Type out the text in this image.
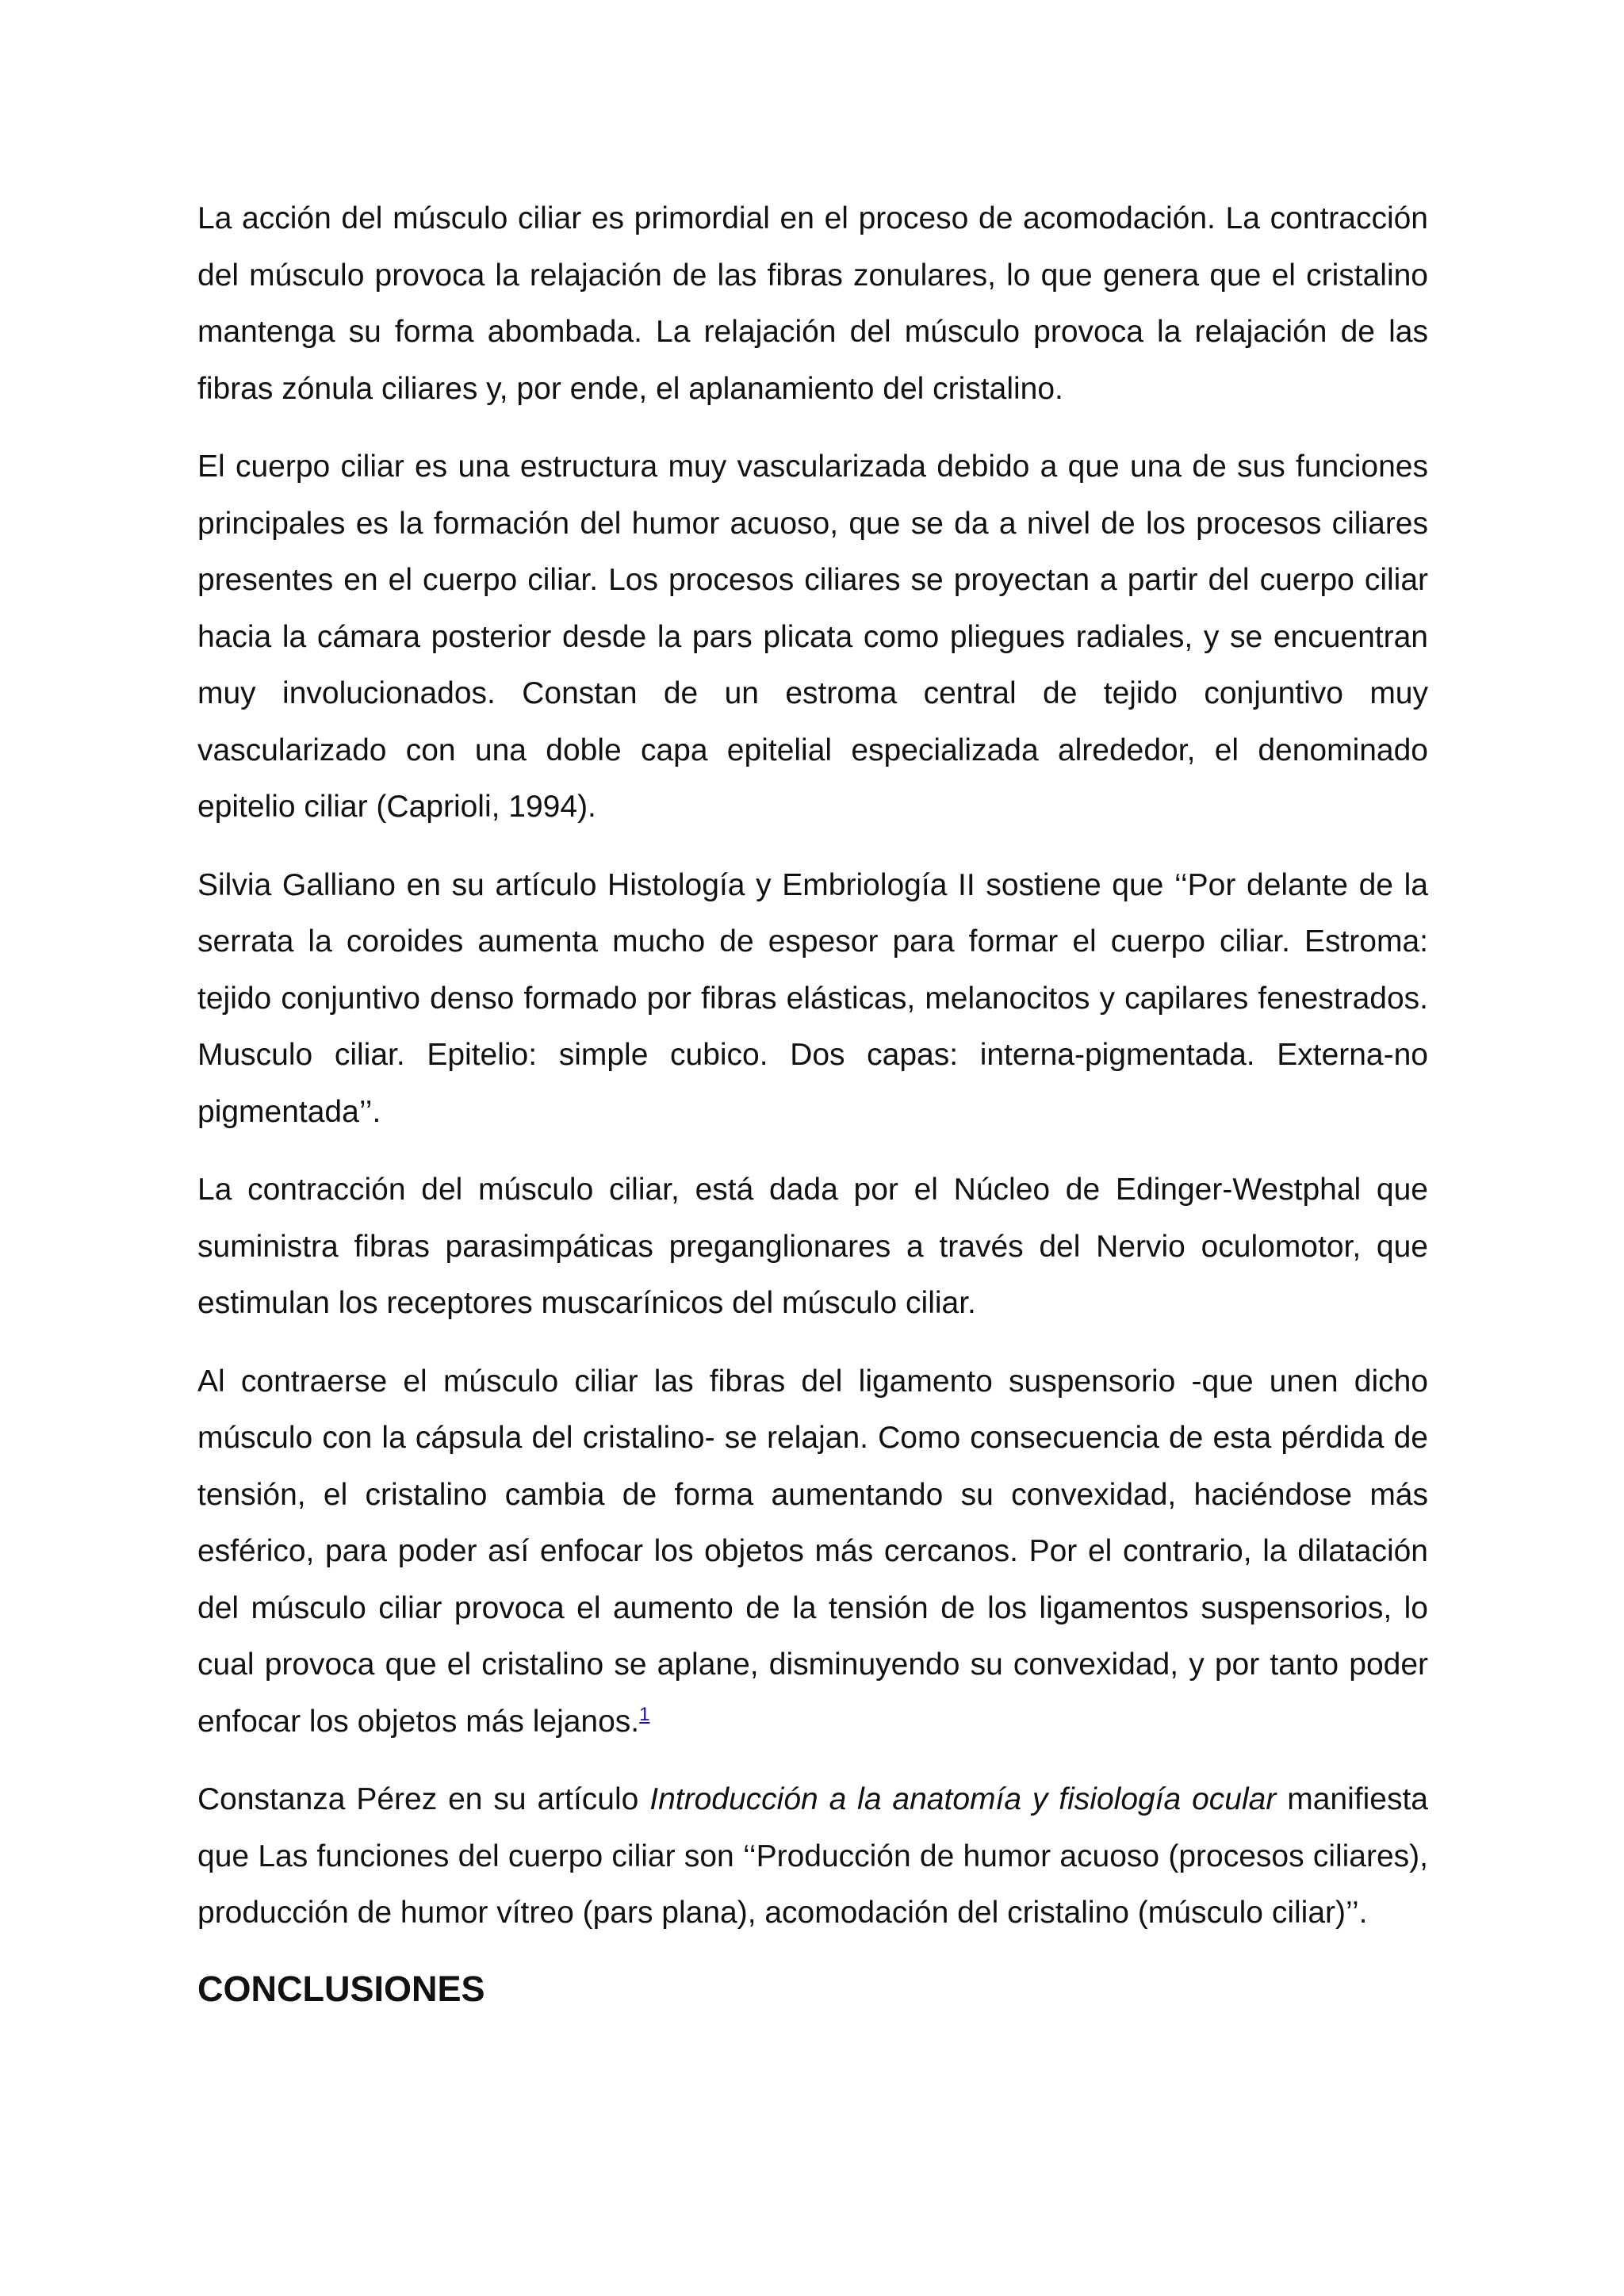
La acción del músculo ciliar es primordial en el proceso de acomodación. La contracción del músculo provoca la relajación de las fibras zonulares, lo que genera que el cristalino mantenga su forma abombada. La relajación del músculo provoca la relajación de las fibras zónula ciliares y, por ende, el aplanamiento del cristalino.

El cuerpo ciliar es una estructura muy vascularizada debido a que una de sus funciones principales es la formación del humor acuoso, que se da a nivel de los procesos ciliares presentes en el cuerpo ciliar. Los procesos ciliares se proyectan a partir del cuerpo ciliar hacia la cámara posterior desde la pars plicata como pliegues radiales, y se encuentran muy involucionados. Constan de un estroma central de tejido conjuntivo muy vascularizado con una doble capa epitelial especializada alrededor, el denominado epitelio ciliar (Caprioli, 1994).

Silvia Galliano en su artículo Histología y Embriología II sostiene que ‘‘Por delante de la serrata la coroides aumenta mucho de espesor para formar el cuerpo ciliar. Estroma: tejido conjuntivo denso formado por fibras elásticas, melanocitos y capilares fenestrados. Musculo ciliar. Epitelio: simple cubico. Dos capas: interna-pigmentada. Externa-no pigmentada’’.

La contracción del músculo ciliar, está dada por el Núcleo de Edinger-Westphal que suministra fibras parasimpáticas preganglionares a través del Nervio oculomotor, que estimulan los receptores muscarínicos del músculo ciliar.

Al contraerse el músculo ciliar las fibras del ligamento suspensorio -que unen dicho músculo con la cápsula del cristalino- se relajan. Como consecuencia de esta pérdida de tensión, el cristalino cambia de forma aumentando su convexidad, haciéndose más esférico, para poder así enfocar los objetos más cercanos. Por el contrario, la dilatación del músculo ciliar provoca el aumento de la tensión de los ligamentos suspensorios, lo cual provoca que el cristalino se aplane, disminuyendo su convexidad, y por tanto poder enfocar los objetos más lejanos.$^1$

Constanza Pérez en su artículo Introducción a la anatomía y fisiología ocular manifiesta que Las funciones del cuerpo ciliar son ‘‘Producción de humor acuoso (procesos ciliares), producción de humor vítreo (pars plana), acomodación del cristalino (músculo ciliar)’’.

CONCLUSIONES
